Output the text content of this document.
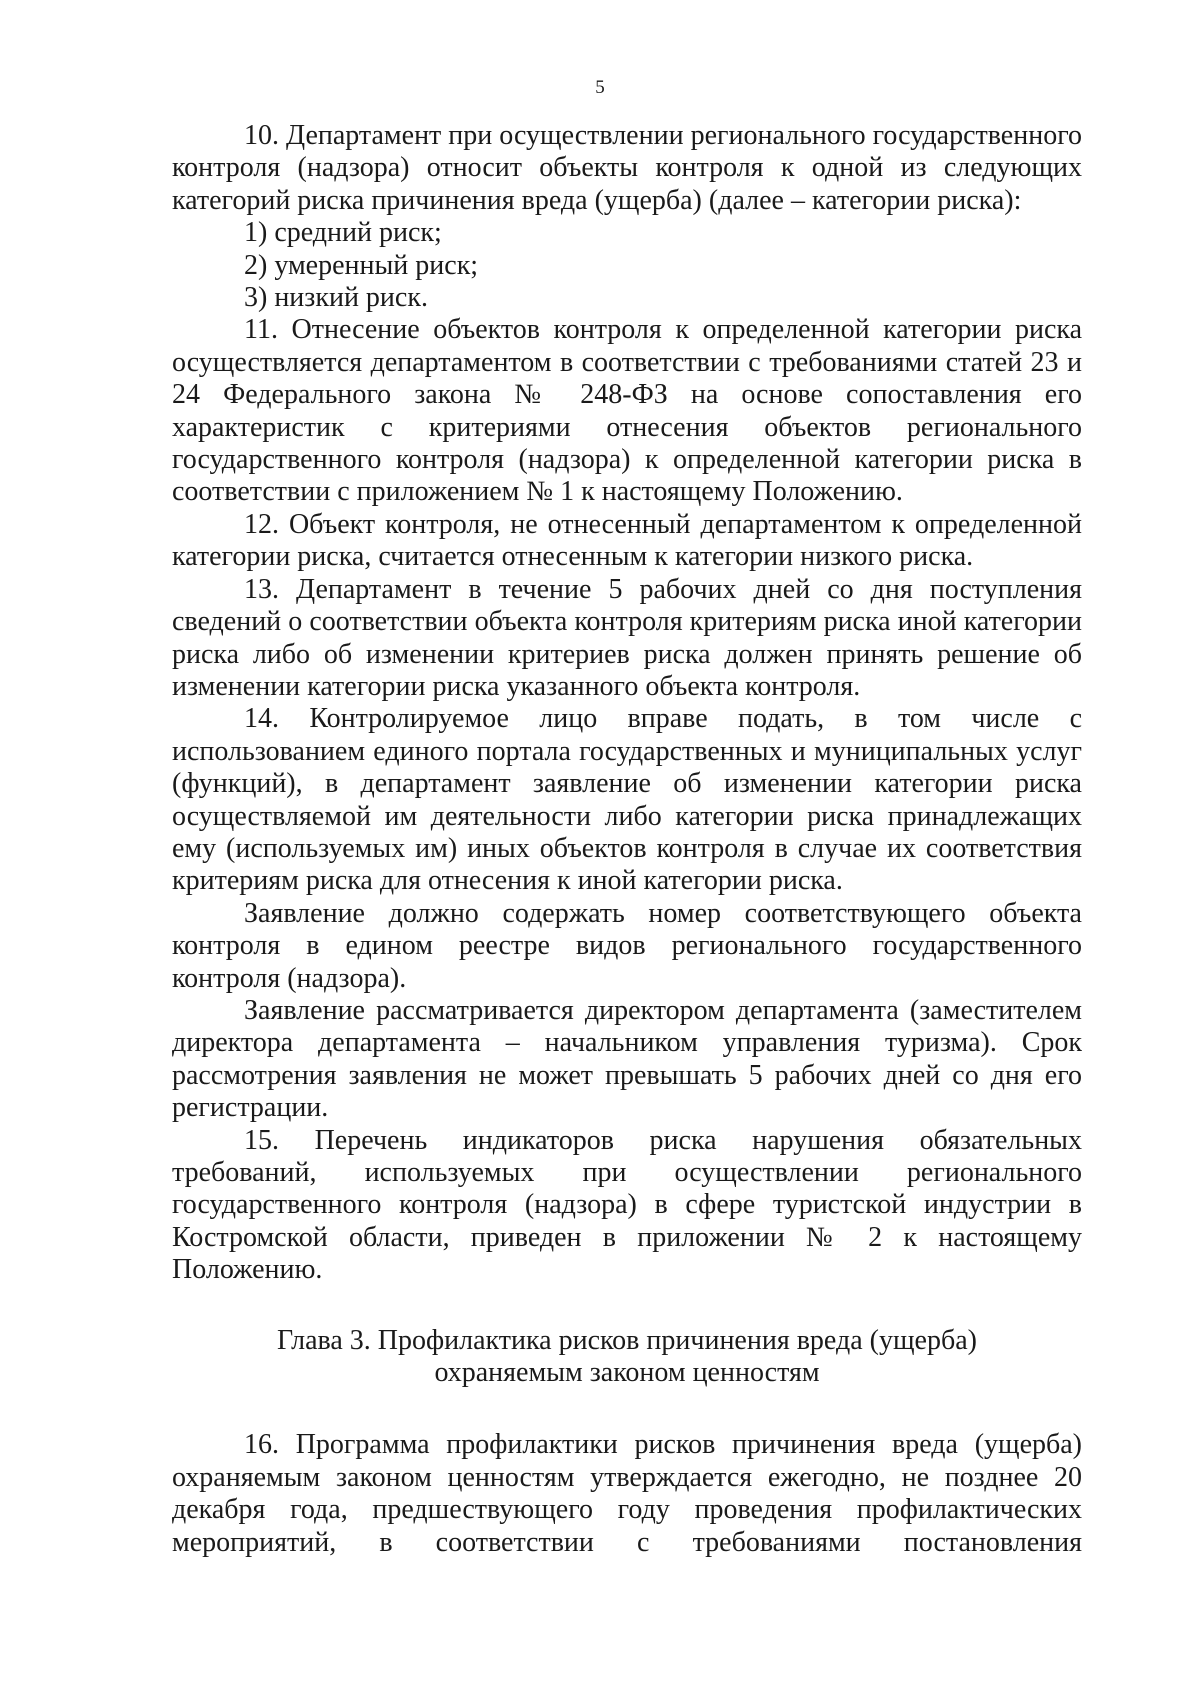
5

10. Департамент при осуществлении регионального государственного контроля (надзора) относит объекты контроля к одной из следующих категорий риска причинения вреда (ущерба) (далее – категории риска):

1) средний риск;

2) умеренный риск;

3) низкий риск.

11. Отнесение объектов контроля к определенной категории риска осуществляется департаментом в соответствии с требованиями статей 23 и 24 Федерального закона № 248-ФЗ на основе сопоставления его характеристик с критериями отнесения объектов регионального государственного контроля (надзора) к определенной категории риска в соответствии с приложением № 1 к настоящему Положению.

12. Объект контроля, не отнесенный департаментом к определенной категории риска, считается отнесенным к категории низкого риска.

13. Департамент в течение 5 рабочих дней со дня поступления сведений о соответствии объекта контроля критериям риска иной категории риска либо об изменении критериев риска должен принять решение об изменении категории риска указанного объекта контроля.

14. Контролируемое лицо вправе подать, в том числе с использованием единого портала государственных и муниципальных услуг (функций), в департамент заявление об изменении категории риска осуществляемой им деятельности либо категории риска принадлежащих ему (используемых им) иных объектов контроля в случае их соответствия критериям риска для отнесения к иной категории риска.

Заявление должно содержать номер соответствующего объекта контроля в едином реестре видов регионального государственного контроля (надзора).

Заявление рассматривается директором департамента (заместителем директора департамента – начальником управления туризма). Срок рассмотрения заявления не может превышать 5 рабочих дней со дня его регистрации.

15. Перечень индикаторов риска нарушения обязательных требований, используемых при осуществлении регионального государственного контроля (надзора) в сфере туристской индустрии в Костромской области, приведен в приложении № 2 к настоящему Положению.

Глава 3. Профилактика рисков причинения вреда (ущерба)
охраняемым законом ценностям

16. Программа профилактики рисков причинения вреда (ущерба) охраняемым законом ценностям утверждается ежегодно, не позднее 20 декабря года, предшествующего году проведения профилактических мероприятий, в соответствии с требованиями постановления
